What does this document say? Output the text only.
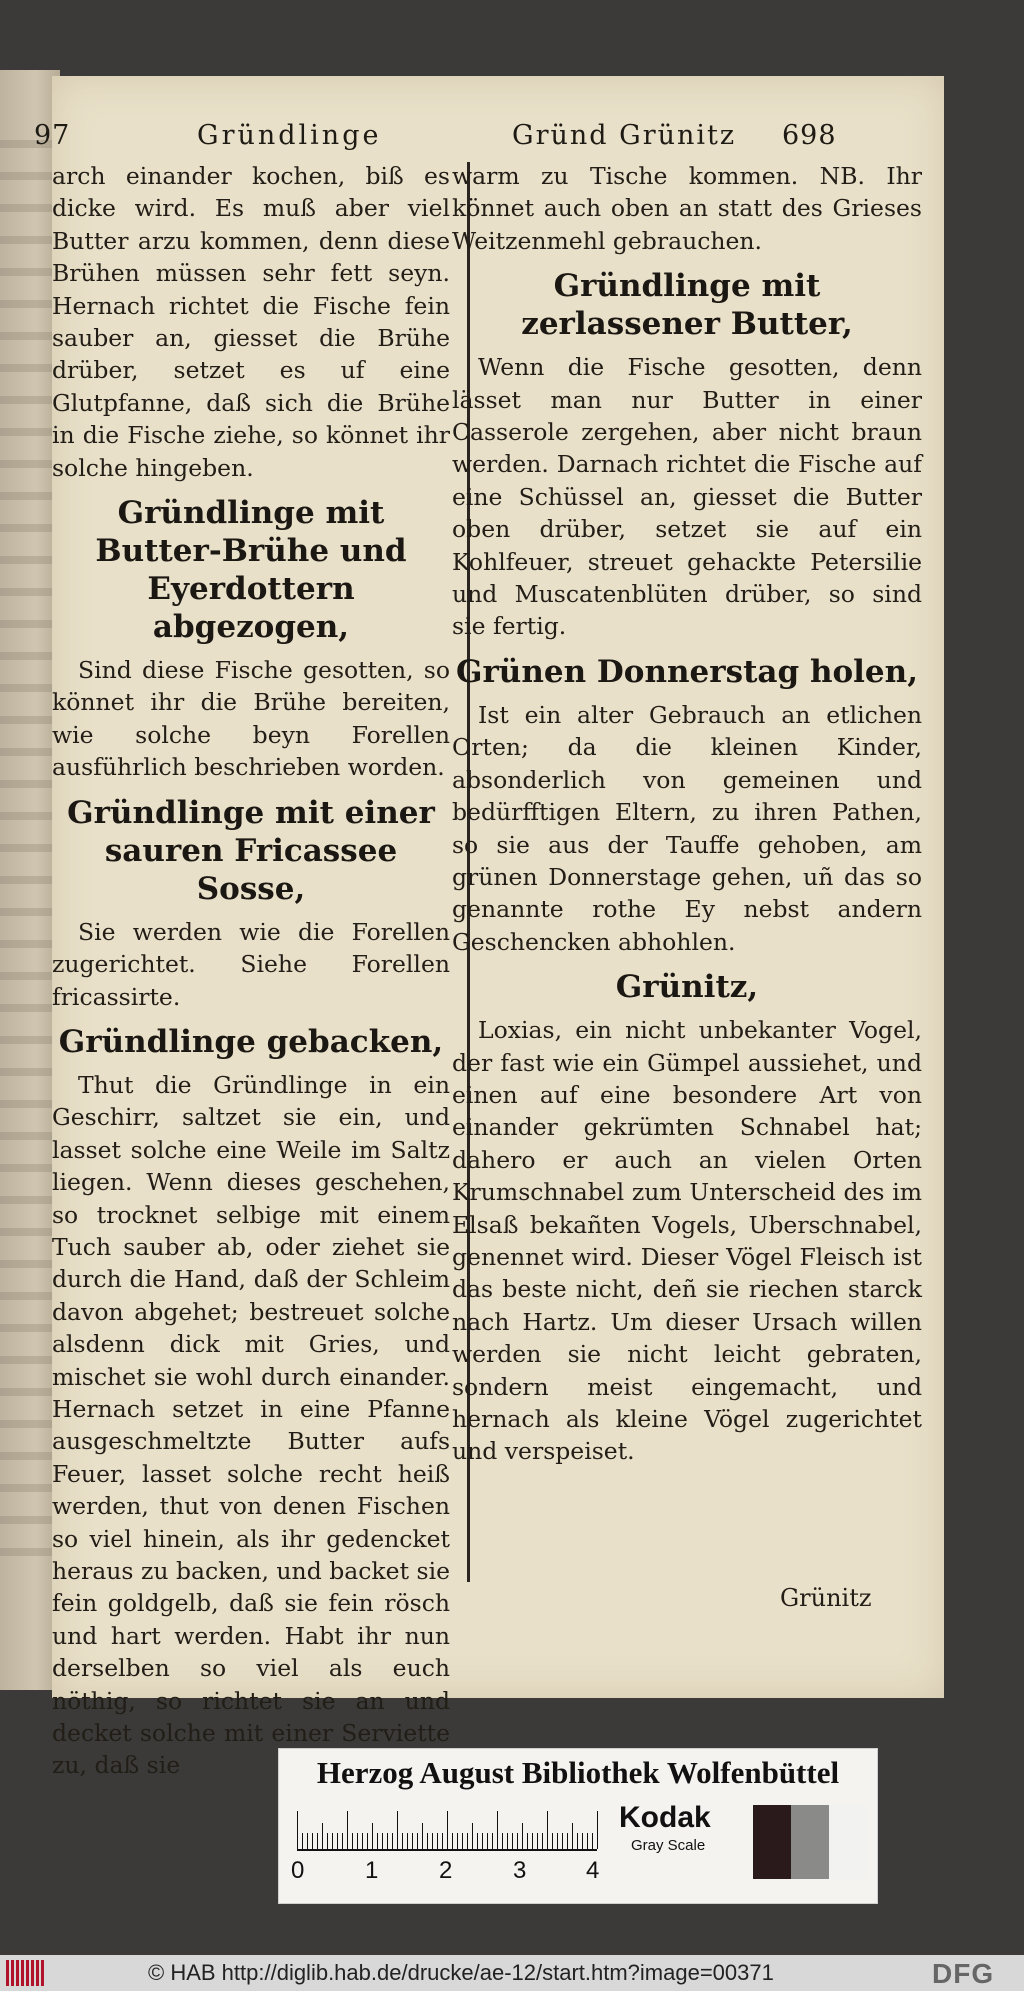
97	Gründlinge	Gründ Grünitz 698

arch einander kochen, biß es dicke wird. Es muß aber viel Butter arzu kommen, denn diese Brühen müssen sehr fett seyn. Hernach richtet die Fische fein sauber an, giesset die Brühe drüber, setzet es uf eine Glutpfanne, daß sich die Brühe in die Fische ziehe, so könnet ihr solche hingeben.

Gründlinge mit Butter-Brühe und Eyerdottern abgezogen,

Sind diese Fische gesotten, so könnet ihr die Brühe bereiten, wie solche beyn Forellen ausführlich beschrieben worden.

Gründlinge mit einer sauren Fricassee Sosse,

Sie werden wie die Forellen zugerichtet. Siehe Forellen fricassirte.

Gründlinge gebacken,

Thut die Gründlinge in ein Geschirr, saltzet sie ein, und lasset solche eine Weile im Saltz liegen. Wenn dieses geschehen, so trocknet selbige mit einem Tuch sauber ab, oder ziehet sie durch die Hand, daß der Schleim davon abgehet; bestreuet solche alsdenn dick mit Gries, und mischet sie wohl durch einander. Hernach setzet in eine Pfanne ausgeschmeltzte Butter aufs Feuer, lasset solche recht heiß werden, thut von denen Fischen so viel hinein, als ihr gedencket heraus zu backen, und backet sie fein goldgelb, daß sie fein rösch und hart werden. Habt ihr nun derselben so viel als euch nöthig, so richtet sie an und decket solche mit einer Serviette zu, daß sie

warm zu Tische kommen. NB. Ihr könnet auch oben an statt des Grieses Weitzenmehl gebrauchen.

Gründlinge mit zerlassener Butter,

Wenn die Fische gesotten, denn lässet man nur Butter in einer Casserole zergehen, aber nicht braun werden. Darnach richtet die Fische auf eine Schüssel an, giesset die Butter oben drüber, setzet sie auf ein Kohlfeuer, streuet gehackte Petersilie und Muscatenblüten drüber, so sind sie fertig.

Grünen Donnerstag holen,

Ist ein alter Gebrauch an etlichen Orten; da die kleinen Kinder, absonderlich von gemeinen und bedürfftigen Eltern, zu ihren Pathen, so sie aus der Tauffe gehoben, am grünen Donnerstage gehen, uñ das so genannte rothe Ey nebst andern Geschencken abhohlen.

Grünitz,

Loxias, ein nicht unbekanter Vogel, der fast wie ein Gümpel aussiehet, und einen auf eine besondere Art von einander gekrümten Schnabel hat; dahero er auch an vielen Orten Krumschnabel zum Unterscheid des im Elsaß bekañten Vogels, Uberschnabel, genennet wird. Dieser Vögel Fleisch ist das beste nicht, deñ sie riechen starck nach Hartz. Um dieser Ursach willen werden sie nicht leicht gebraten, sondern meist eingemacht, und hernach als kleine Vögel zugerichtet und verspeiset.

Grünitz
Herzog August Bibliothek Wolfenbüttel
0	1	2	3 4
Kodak
Gray Scale
© HAB http://diglib.hab.de/drucke/ae-12/start.htm?image=00371	DFG
